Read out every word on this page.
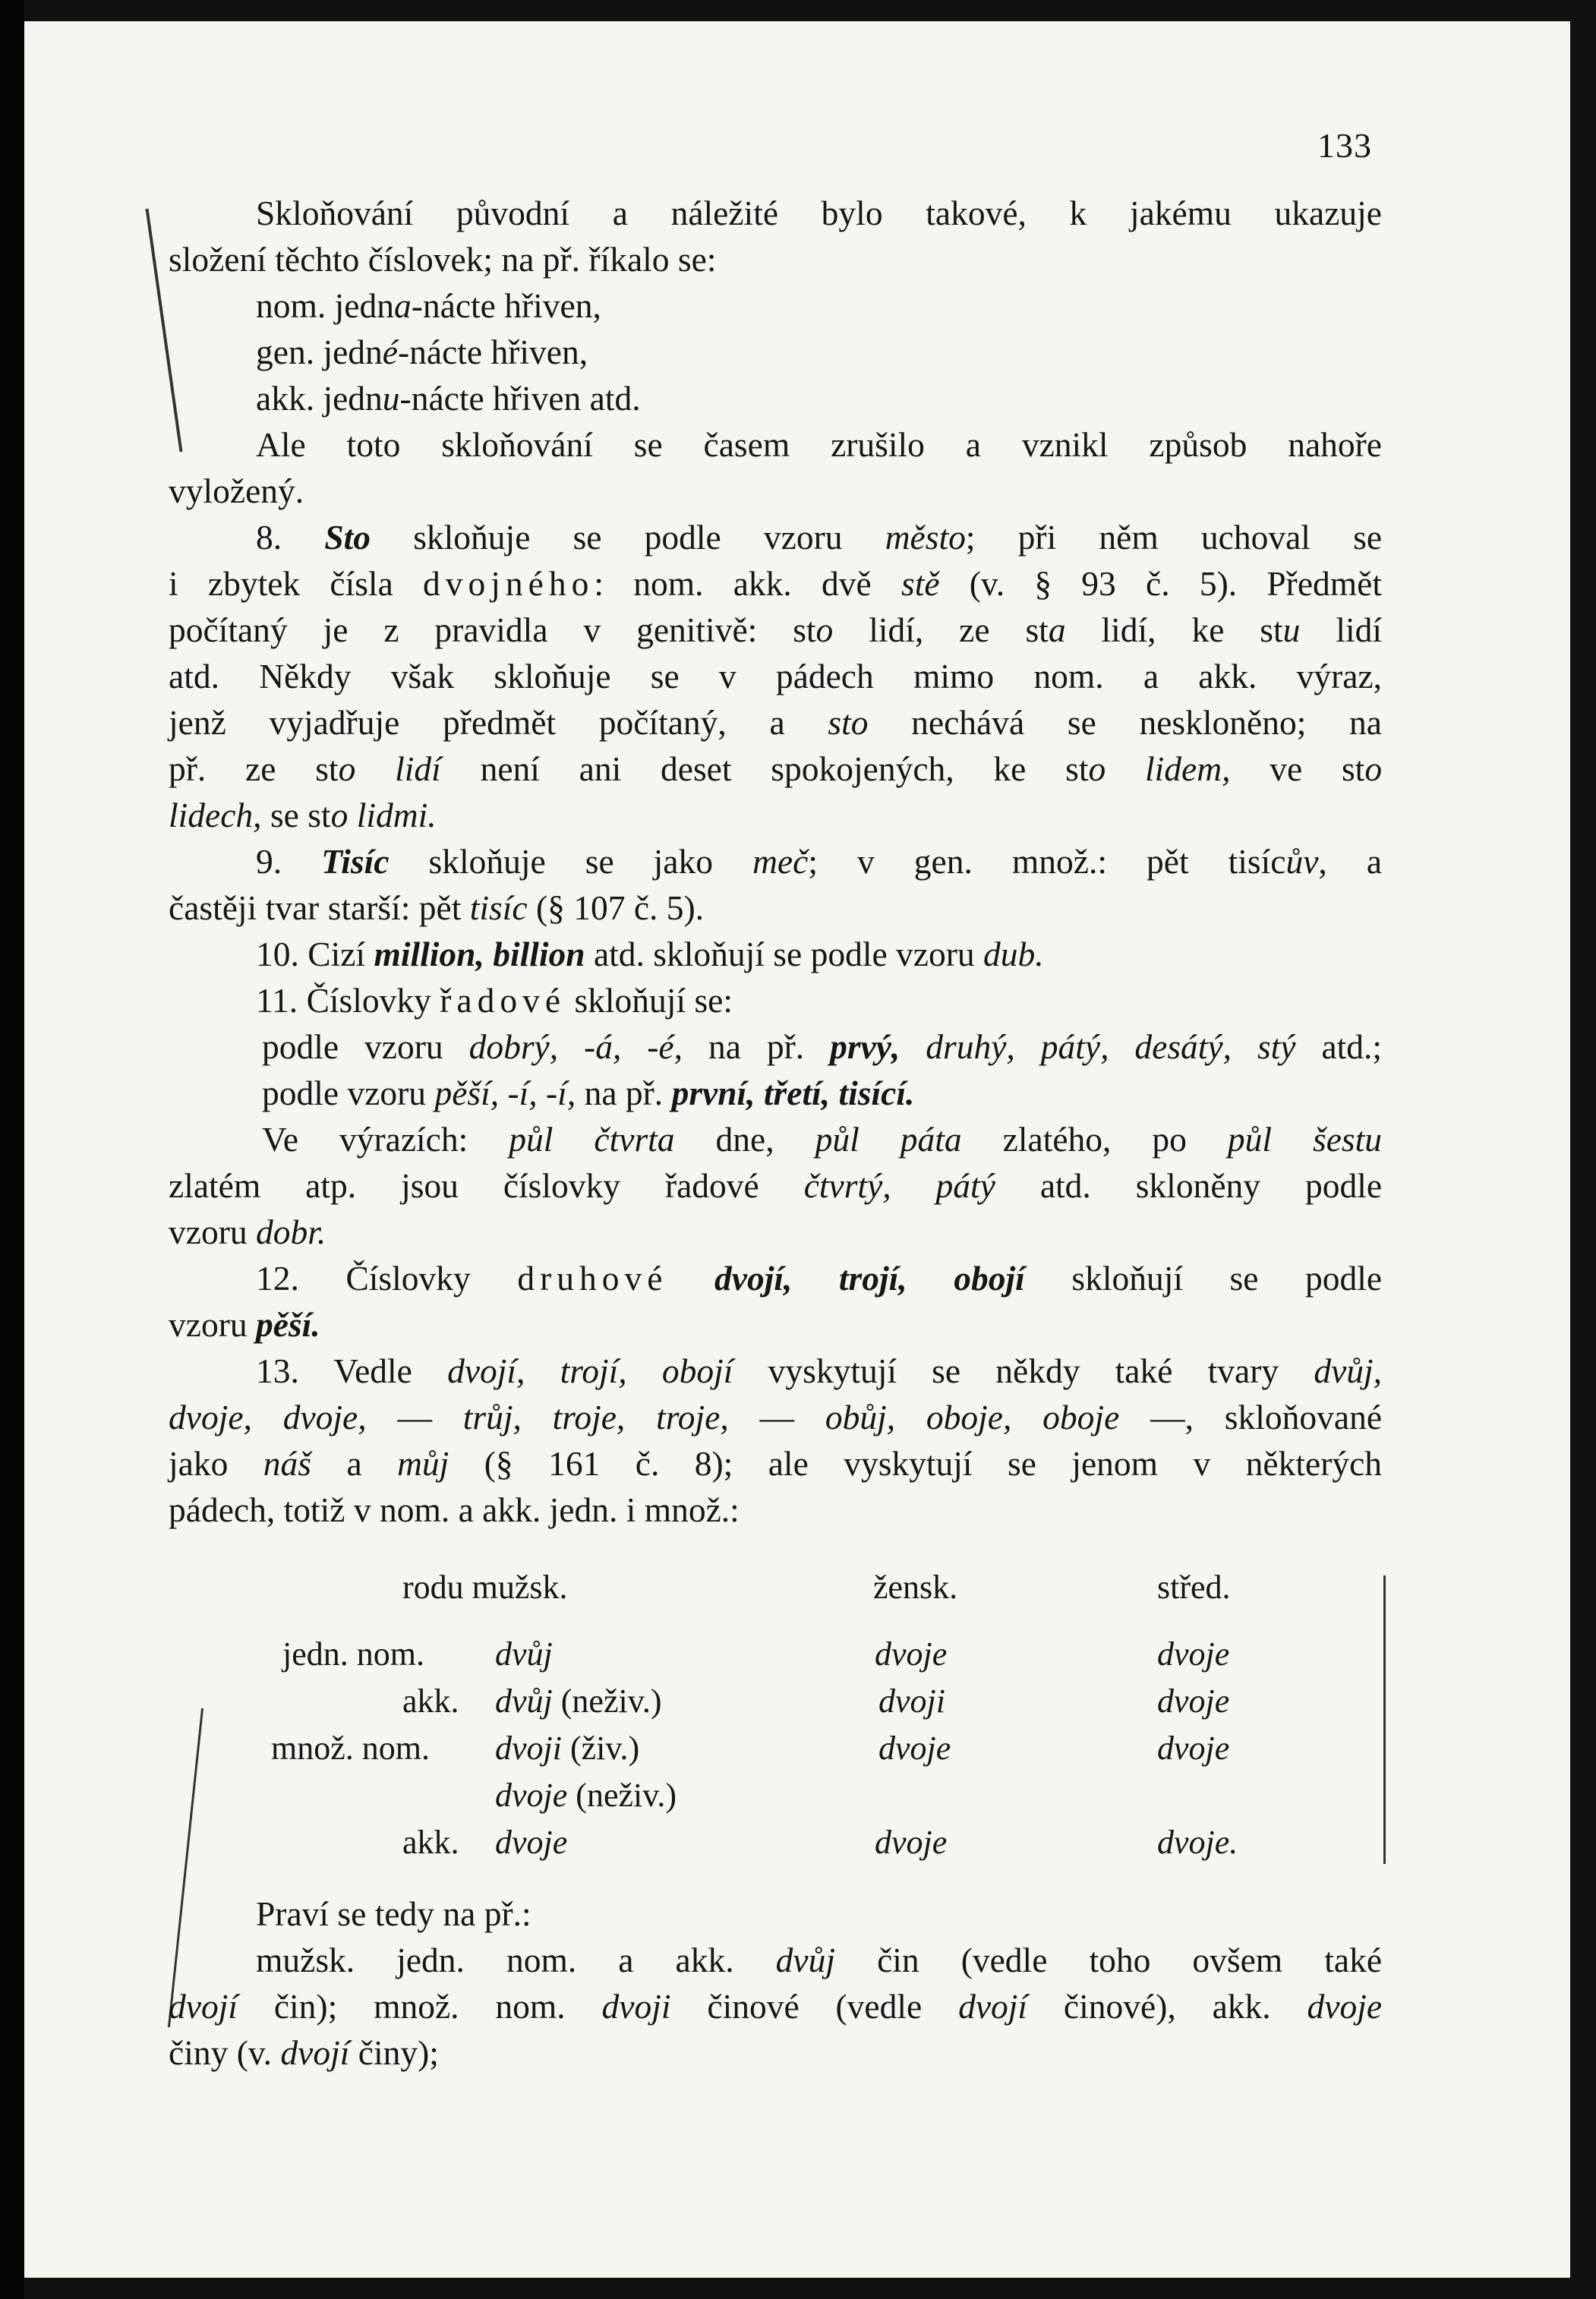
133
Skloňování původní a náležité bylo takové, k jakému ukazuje
složení těchto číslovek; na př. říkalo se:
nom. jedna-nácte hřiven,
gen. jedné-nácte hřiven,
akk. jednu-nácte hřiven atd.
Ale toto skloňování se časem zrušilo a vznikl způsob nahoře
vyložený.
8. Sto skloňuje se podle vzoru město; při něm uchoval se
i zbytek čísla dvojného: nom. akk. dvě stě (v. § 93 č. 5). Předmět
počítaný je z pravidla v genitivě: sto lidí, ze sta lidí, ke stu lidí
atd. Někdy však skloňuje se v pádech mimo nom. a akk. výraz,
jenž vyjadřuje předmět počítaný, a sto nechává se neskloněno; na
př. ze sto lidí není ani deset spokojených, ke sto lidem, ve sto
lidech, se sto lidmi.
9. Tisíc skloňuje se jako meč; v gen. množ.: pět tisícův, a
častěji tvar starší: pět tisíc (§ 107 č. 5).
10. Cizí million, billion atd. skloňují se podle vzoru dub.
11. Číslovky řadové skloňují se:
podle vzoru dobrý, -á, -é, na př. prvý, druhý, pátý, desátý, stý atd.;
podle vzoru pěší, -í, -í, na př. první, třetí, tisící.
Ve výrazích: půl čtvrta dne, půl páta zlatého, po půl šestu
zlatém atp. jsou číslovky řadové čtvrtý, pátý atd. skloněny podle
vzoru dobr.
12. Číslovky druhové dvojí, trojí, obojí skloňují se podle
vzoru pěší.
13. Vedle dvojí, trojí, obojí vyskytují se někdy také tvary dvůj,
dvoje, dvoje, — trůj, troje, troje, — obůj, oboje, oboje —, skloňované
jako náš a můj (§ 161 č. 8); ale vyskytují se jenom v některých
pádech, totiž v nom. a akk. jedn. i množ.:
rodu mužsk.	žensk.	střed.
jedn. nom. dvůj	dvoje	dvoje
akk. dvůj (neživ.)	dvoji	dvoje
množ. nom. dvoji (živ.)	dvoje	dvoje
dvoje (neživ.)
akk. dvoje	dvoje	dvoje.
Praví se tedy na př.:
mužsk. jedn. nom. a akk. dvůj čin (vedle toho ovšem také
dvojí čin); množ. nom. dvoji činové (vedle dvojí činové), akk. dvoje
činy (v. dvojí činy);
